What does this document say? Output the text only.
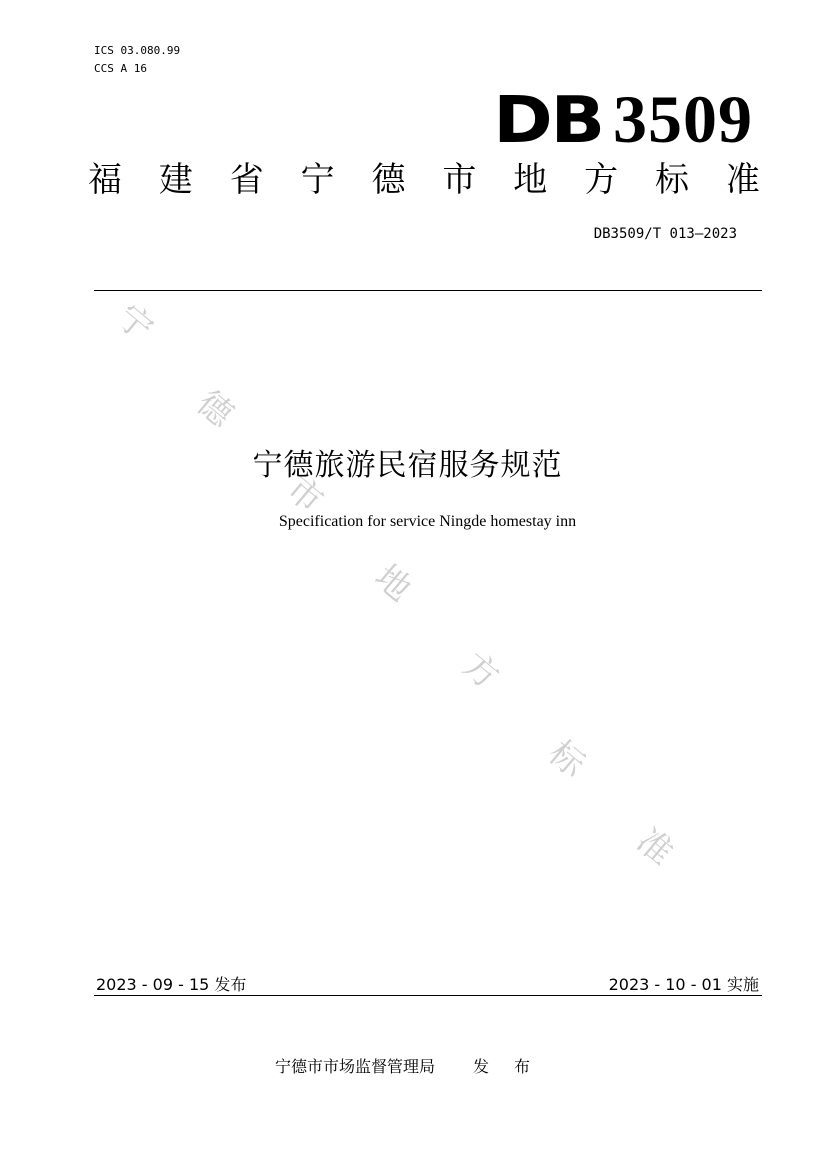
ICS 03.080.99
CCS A 16
DB 3509
福 建 省 宁 德 市 地 方 标 准
DB3509/T 013—2023
宁
德
市
地
方
标
准
宁德旅游民宿服务规范
Specification for service Ningde homestay inn
2023 - 09 - 15 发布	2023 - 10 - 01 实施
宁德市市场监督管理局 发 布
